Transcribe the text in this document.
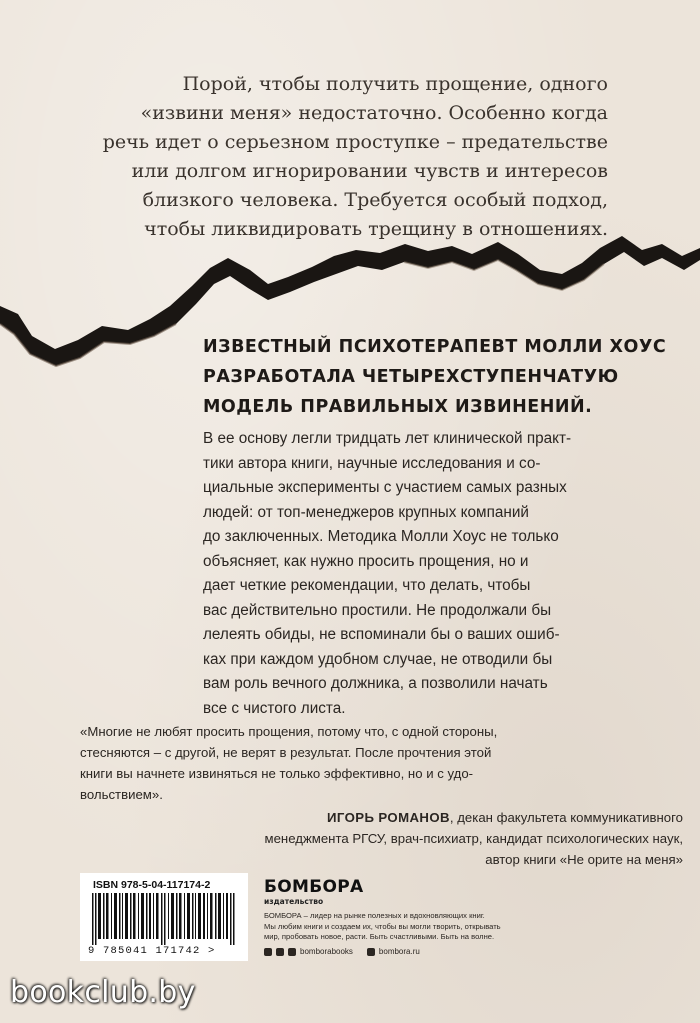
Порой, чтобы получить прощение, одного
«извини меня» недостаточно. Особенно когда
речь идет о серьезном проступке – предательстве
или долгом игнорировании чувств и интересов
близкого человека. Требуется особый подход,
чтобы ликвидировать трещину в отношениях.
ИЗВЕСТНЫЙ ПСИХОТЕРАПЕВТ МОЛЛИ ХОУС
РАЗРАБОТАЛА ЧЕТЫРЕХСТУПЕНЧАТУЮ
МОДЕЛЬ ПРАВИЛЬНЫХ ИЗВИНЕНИЙ.
В ее основу легли тридцать лет клинической практ-
тики автора книги, научные исследования и со-
циальные эксперименты с участием самых разных
людей: от топ-менеджеров крупных компаний
до заключенных. Методика Молли Хоус не только
объясняет, как нужно просить прощения, но и
дает четкие рекомендации, что делать, чтобы
вас действительно простили. Не продолжали бы
лелеять обиды, не вспоминали бы о ваших ошиб-
ках при каждом удобном случае, не отводили бы
вам роль вечного должника, а позволили начать
все с чистого листа.
«Многие не любят просить прощения, потому что, с одной стороны,
стесняются – с другой, не верят в результат. После прочтения этой
книги вы начнете извиняться не только эффективно, но и с удо-
вольствием».
ИГОРЬ РОМАНОВ, декан факультета коммуникативного
менеджмента РГСУ, врач-психиатр, кандидат психологических наук,
автор книги «Не орите на меня»
ISBN 978-5-04-117174-2
9 785041 171742 >
БОМБОРА
издательство
БОМБОРА – лидер на рынке полезных и вдохновляющих книг.
Мы любим книги и создаем их, чтобы вы могли творить, открывать
мир, пробовать новое, расти. Быть счастливыми. Быть на волне.
bomborabooks	bombora.ru
bookclub.by
